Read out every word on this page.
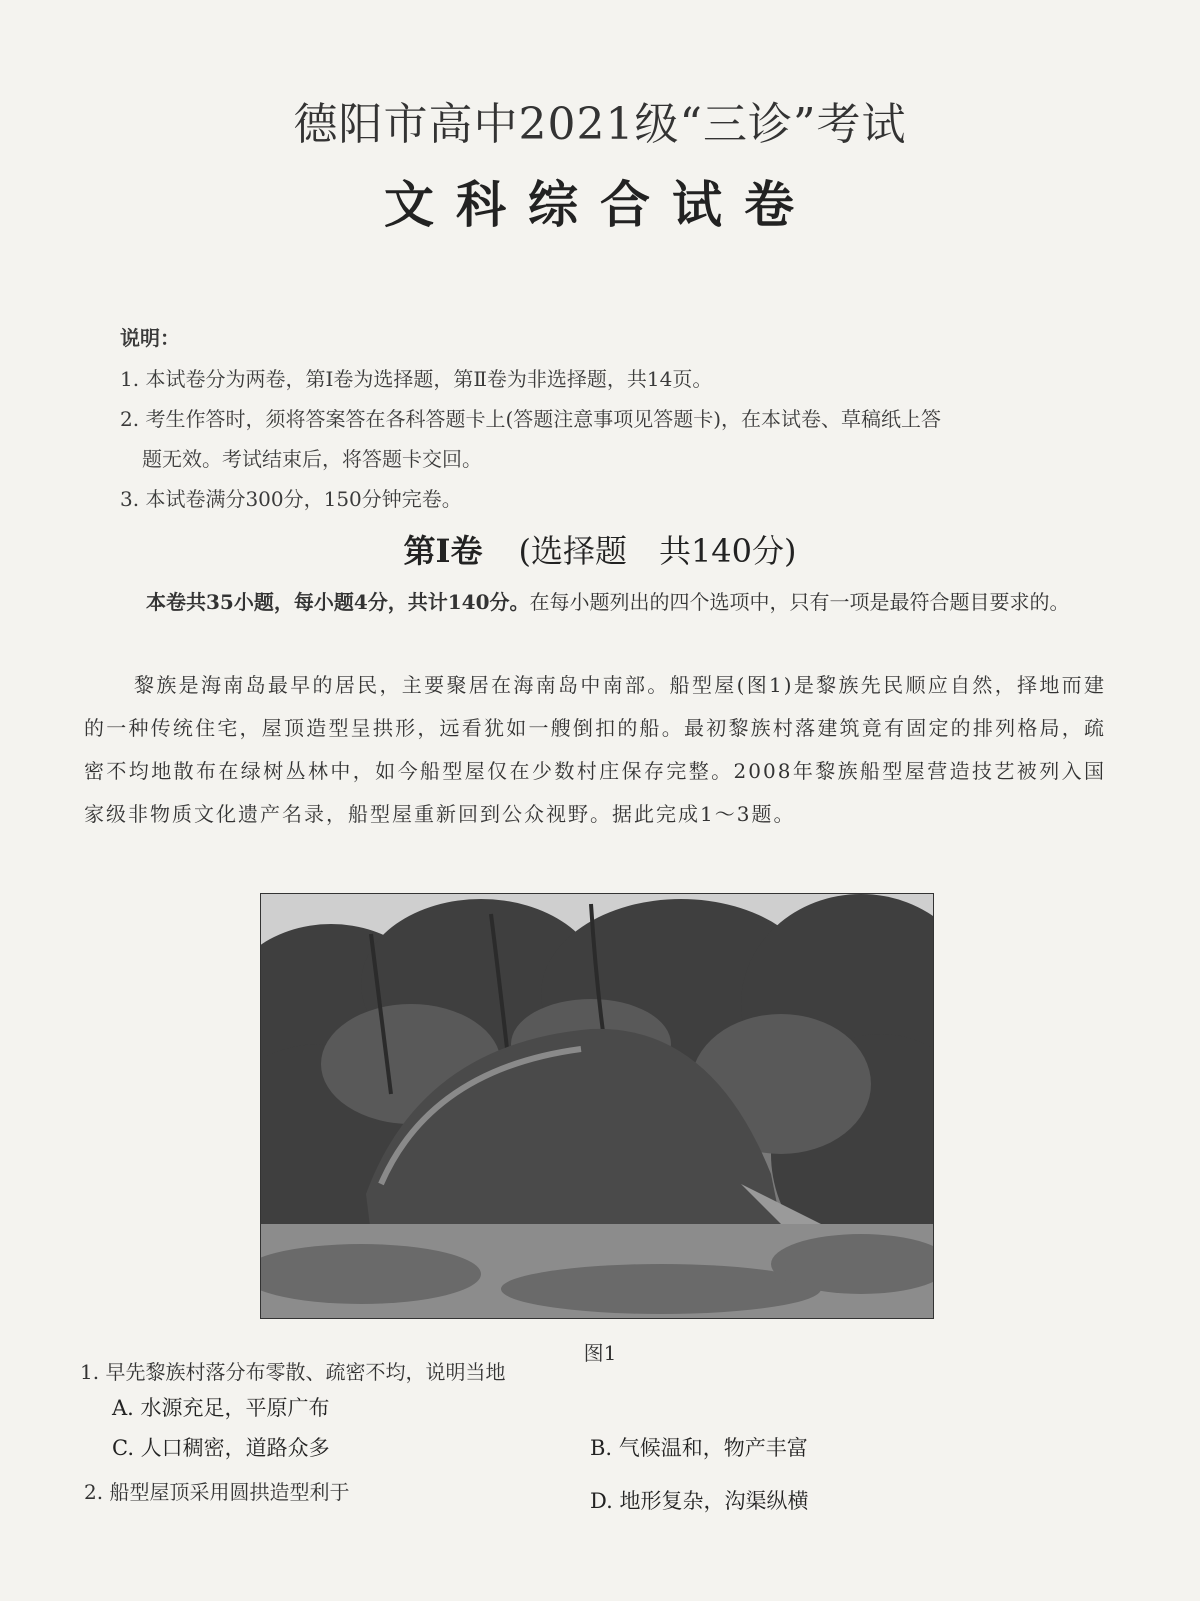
德阳市高中2021级“三诊”考试
文科综合试卷
说明：
1. 本试卷分为两卷，第Ⅰ卷为选择题，第Ⅱ卷为非选择题，共14页。
2. 考生作答时，须将答案答在各科答题卡上(答题注意事项见答题卡)，在本试卷、草稿纸上答
题无效。考试结束后，将答题卡交回。
3. 本试卷满分300分，150分钟完卷。
第Ⅰ卷 (选择题　共140分)
本卷共35小题，每小题4分，共计140分。在每小题列出的四个选项中，只有一项是最符合题目要求的。
黎族是海南岛最早的居民，主要聚居在海南岛中南部。船型屋(图1)是黎族先民顺应自然，择地而建的一种传统住宅，屋顶造型呈拱形，远看犹如一艘倒扣的船。最初黎族村落建筑竟有固定的排列格局，疏密不均地散布在绿树丛林中，如今船型屋仅在少数村庄保存完整。2008年黎族船型屋营造技艺被列入国家级非物质文化遗产名录，船型屋重新回到公众视野。据此完成1～3题。
图1
1. 早先黎族村落分布零散、疏密不均，说明当地
A. 水源充足，平原广布
B. 气候温和，物产丰富
C. 人口稠密，道路众多
D. 地形复杂，沟渠纵横
2. 船型屋顶采用圆拱造型利于
